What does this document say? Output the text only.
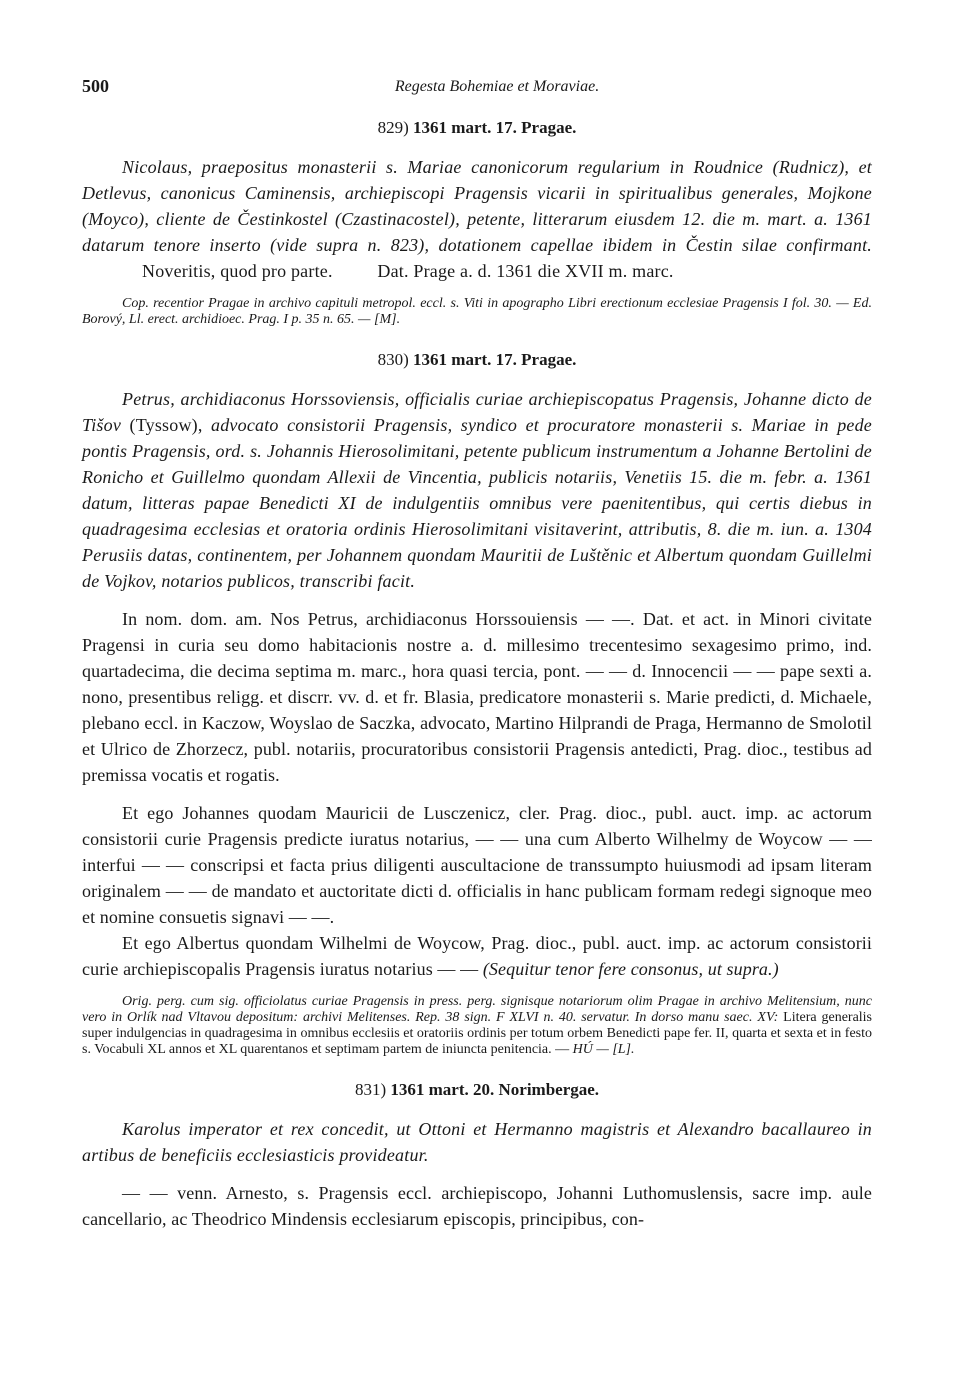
500	Regesta Bohemiae et Moraviae.

829) 1361 mart. 17. Pragae.

Nicolaus, praepositus monasterii s. Mariae canonicorum regularium in Roudnice (Rudnicz), et Detlevus, canonicus Caminensis, archiepiscopi Pragensis vicarii in spiritualibus generales, Mojkone (Moyco), cliente de Čestinkostel (Czastinacostel), petente, litterarum eiusdem 12. die m. mart. a. 1361 datarum tenore inserto (vide supra n. 823), dotationem capellae ibidem in Čestin silae confirmant. Noveritis, quod pro parte. Dat. Prage a. d. 1361 die XVII m. marc.

Cop. recentior Pragae in archivo capituli metropol. eccl. s. Viti in apographo Libri erectionum ecclesiae Pragensis I fol. 30. — Ed. Borový, Ll. erect. archidioec. Prag. I p. 35 n. 65. — [M].

830) 1361 mart. 17. Pragae.

Petrus, archidiaconus Horssoviensis, officialis curiae archiepiscopatus Pragensis, Johanne dicto de Tišov (Tyssow), advocato consistorii Pragensis, syndico et procuratore monasterii s. Mariae in pede pontis Pragensis, ord. s. Johannis Hierosolimitani, petente publicum instrumentum a Johanne Bertolini de Ronicho et Guillelmo quondam Allexii de Vincentia, publicis notariis, Venetiis 15. die m. febr. a. 1361 datum, litteras papae Benedicti XI de indulgentiis omnibus vere paenitentibus, qui certis diebus in quadragesima ecclesias et oratoria ordinis Hierosolimitani visitaverint, attributis, 8. die m. iun. a. 1304 Perusiis datas, continentem, per Johannem quondam Mauritii de Luštěnic et Albertum quondam Guillelmi de Vojkov, notarios publicos, transcribi facit.

In nom. dom. am. Nos Petrus, archidiaconus Horssouiensis — —. Dat. et act. in Minori civitate Pragensi in curia seu domo habitacionis nostre a. d. millesimo trecentesimo sexagesimo primo, ind. quartadecima, die decima septima m. marc., hora quasi tercia, pont. — — d. Innocencii — — pape sexti a. nono, presentibus religg. et discrr. vv. d. et fr. Blasia, predicatore monasterii s. Marie predicti, d. Michaele, plebano eccl. in Kaczow, Woyslao de Saczka, advocato, Martino Hilprandi de Praga, Hermanno de Smolotil et Ulrico de Zhorzecz, publ. notariis, procuratoribus consistorii Pragensis antedicti, Prag. dioc., testibus ad premissa vocatis et rogatis.

Et ego Johannes quodam Mauricii de Lusczenicz, cler. Prag. dioc., publ. auct. imp. ac actorum consistorii curie Pragensis predicte iuratus notarius, — — una cum Alberto Wilhelmy de Woycow — — interfui — — conscripsi et facta prius diligenti auscultacione de transsumpto huiusmodi ad ipsam literam originalem — — de mandato et auctoritate dicti d. officialis in hanc publicam formam redegi signoque meo et nomine consuetis signavi — —.

Et ego Albertus quondam Wilhelmi de Woycow, Prag. dioc., publ. auct. imp. ac actorum consistorii curie archiepiscopalis Pragensis iuratus notarius — — (Sequitur tenor fere consonus, ut supra.)

Orig. perg. cum sig. officiolatus curiae Pragensis in press. perg. signisque notariorum olim Pragae in archivo Melitensium, nunc vero in Orlík nad Vltavou depositum: archivi Melitenses. Rep. 38 sign. F XLVI n. 40. servatur. In dorso manu saec. XV: Litera generalis super indulgencias in quadragesima in omnibus ecclesiis et oratoriis ordinis per totum orbem Benedicti pape fer. II, quarta et sexta et in festo s. Vocabuli XL annos et XL quarentanos et septimam partem de iniuncta penitencia. — HÚ — [L].

831) 1361 mart. 20. Norimbergae.

Karolus imperator et rex concedit, ut Ottoni et Hermanno magistris et Alexandro bacallaureo in artibus de beneficiis ecclesiasticis provideatur.

— — venn. Arnesto, s. Pragensis eccl. archiepiscopo, Johanni Luthomuslensis, sacre imp. aule cancellario, ac Theodrico Mindensis ecclesiarum episcopis, principibus, con-
